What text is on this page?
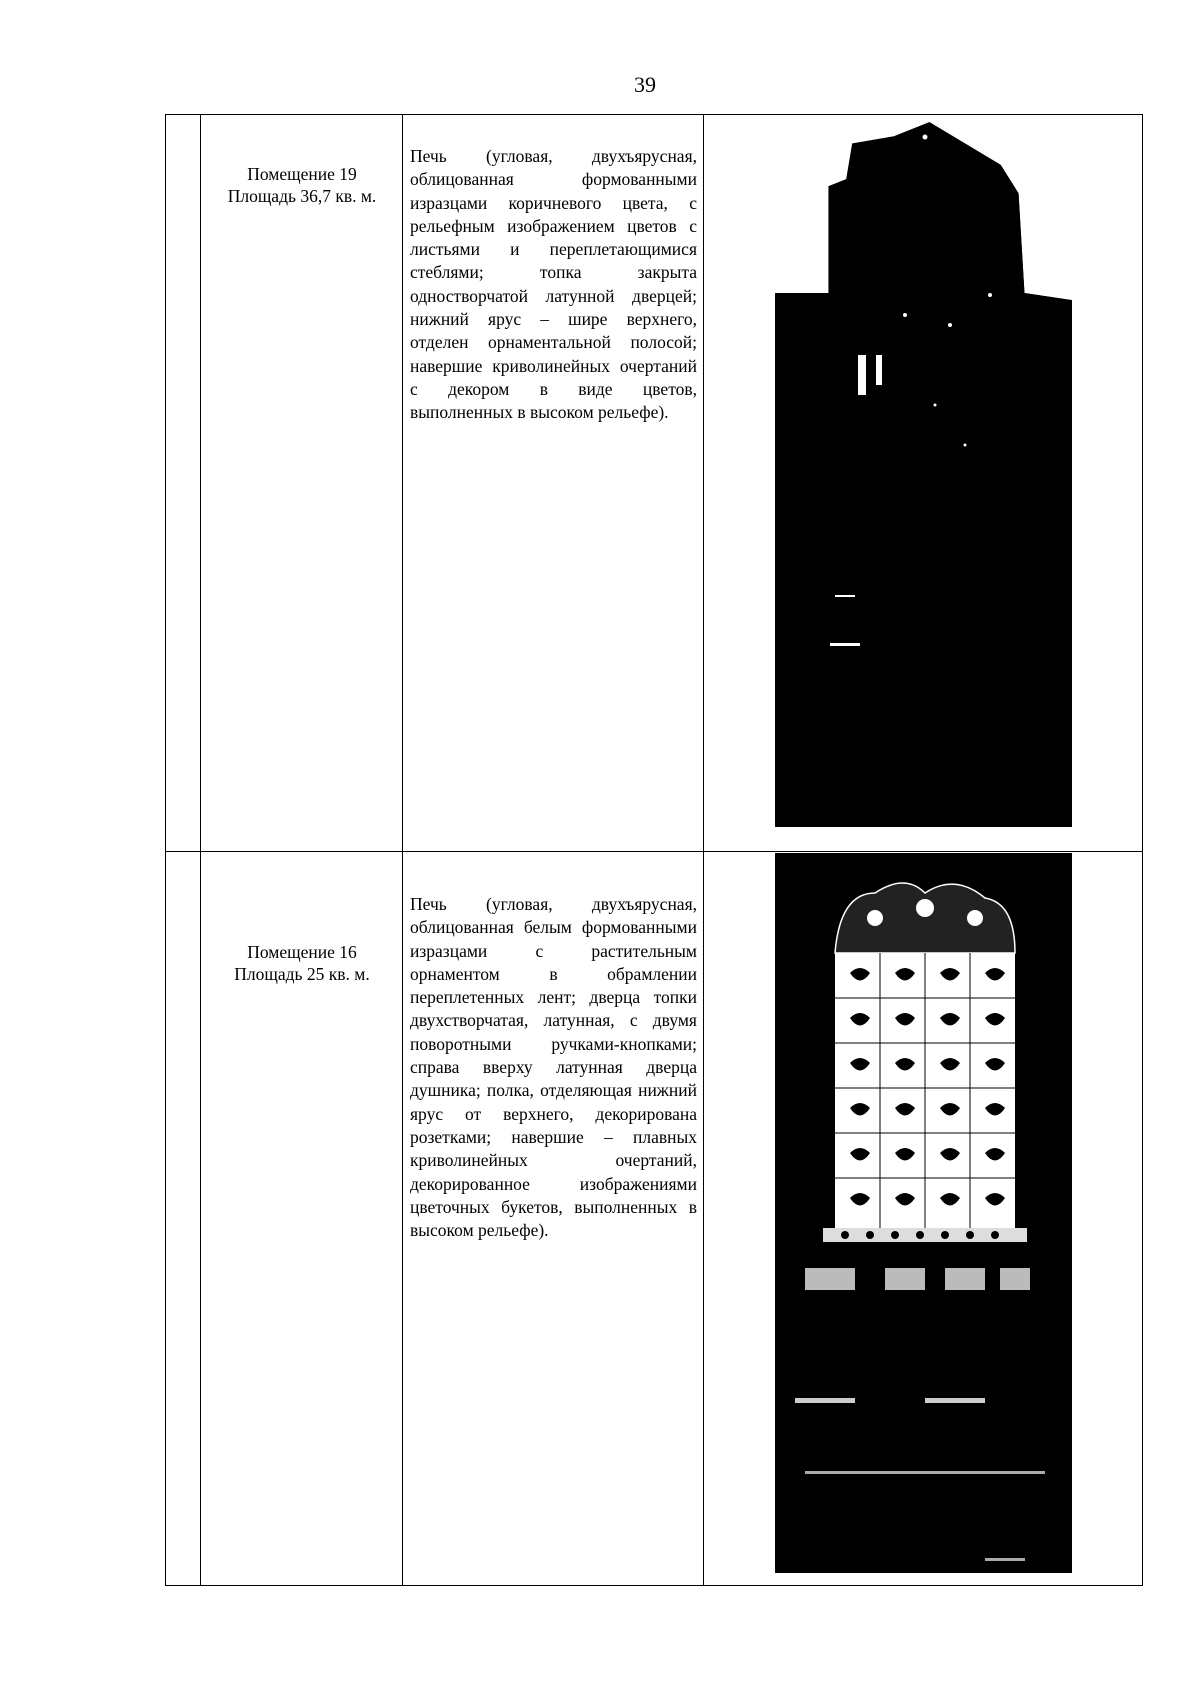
39
Помещение 19
Площадь 36,7 кв. м.
Печь (угловая, двухъярусная, облицованная формованными изразцами коричневого цвета, с рельефным изображением цветов с листьями и переплетающимися стеблями; топка закрыта одностворчатой латунной дверцей; нижний ярус – шире верхнего, отделен орнаментальной полосой; навершие криволинейных очертаний с декором в виде цветов, выполненных в высоком рельефе).
Помещение 16
Площадь 25 кв. м.
Печь (угловая, двухъярусная, облицованная белым формованными изразцами с растительным орнаментом в обрамлении переплетенных лент; дверца топки двухстворчатая, латунная, с двумя поворотными ручками-кнопками; справа вверху латунная дверца душника; полка, отделяющая нижний ярус от верхнего, декорирована розетками; навершие – плавных криволинейных очертаний, декорированное изображениями цветочных букетов, выполненных в высоком рельефе).
